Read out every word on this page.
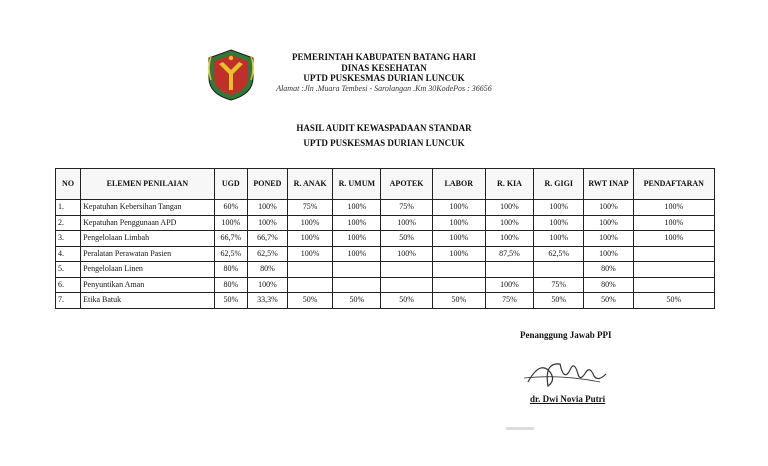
PEMERINTAH KABUPATEN BATANG HARI
DINAS KESEHATAN
UPTD PUSKESMAS DURIAN LUNCUK
Alamat :Jln .Muara Tembesi - Sarolangan .Km 30KodePos : 36656
HASIL AUDIT KEWASPADAAN STANDAR
UPTD PUSKESMAS DURIAN LUNCUK
NO	ELEMEN PENILAIAN	UGD	PONED	R. ANAK	R. UMUM	APOTEK	LABOR	R. KIA	R. GIGI	RWT INAP	PENDAFTARAN
1.	Kepatuhan Kebersihan Tangan	60%	100%	75%	100%	75%	100%	100%	100%	100%	100%
2.	Kepatuhan Penggunaan APD	100%	100%	100%	100%	100%	100%	100%	100%	100%	100%
3.	Pengelolaan Limbah	66,7%	66,7%	100%	100%	50%	100%	100%	100%	100%	100%
4.	Peralatan Perawatan Pasien	62,5%	62,5%	100%	100%	100%	100%	87,5%	62,5%	100%	
5.	Pengelolaan Linen	80%	80%							80%	
6.	Penyuntikan Aman	80%	100%					100%	75%	80%	
7.	Etika Batuk	50%	33,3%	50%	50%	50%	50%	75%	50%	50%	50%
Penanggung Jawab PPI
dr. Dwi Novia Putri
